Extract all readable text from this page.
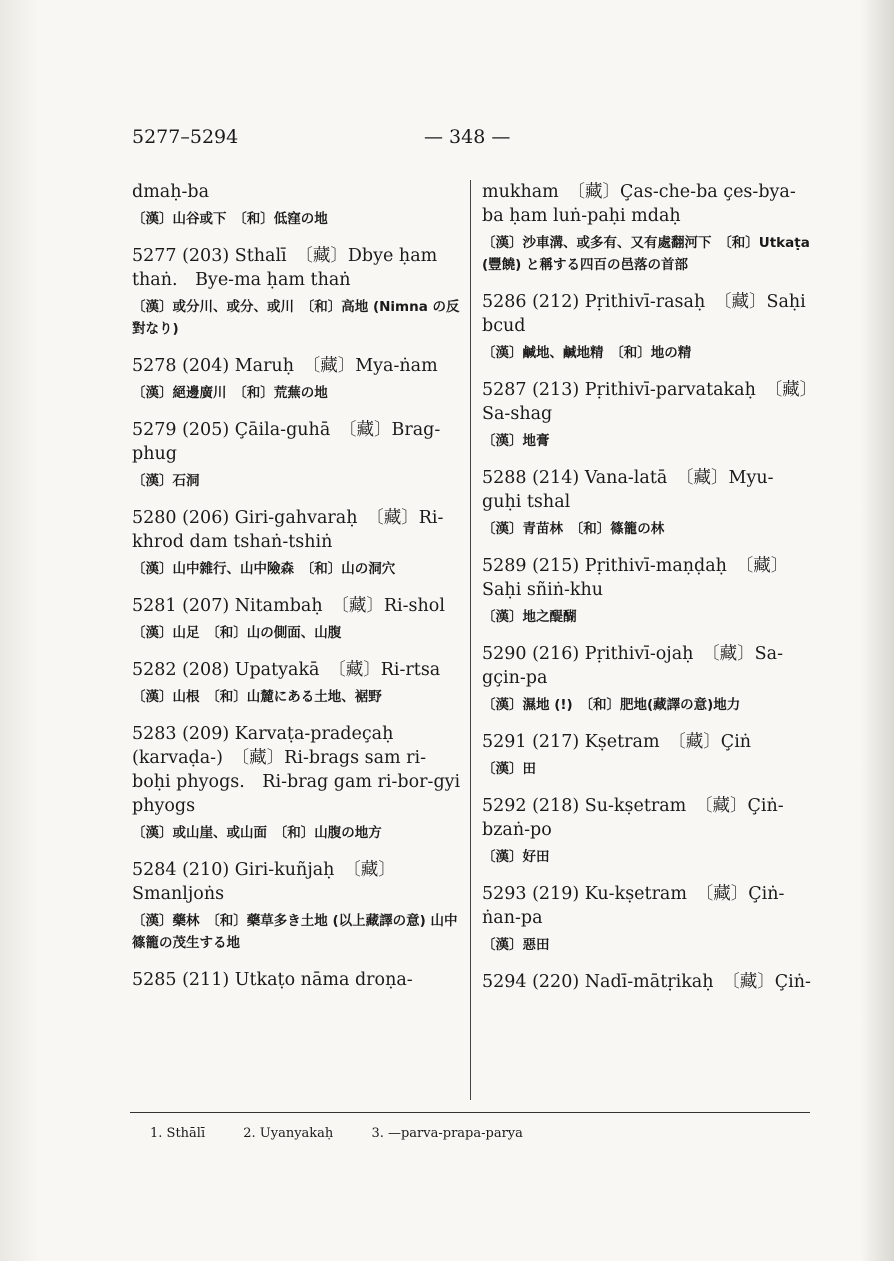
5277–5294	— 348 —
dmaḥ-ba
〔漢〕山谷或下　〔和〕低窪の地
5277 (203) Sthalī　〔藏〕Dbye ḥam thaṅ.　Bye-ma ḥam thaṅ
〔漢〕或分川、或分、或川　〔和〕高地 (Nimna の反對なり)
5278 (204) Maruḥ　〔藏〕Mya-ṅam
〔漢〕絕邊廣川　〔和〕荒蕪の地
5279 (205) Çāila-guhā　〔藏〕Brag-phug
〔漢〕石洞
5280 (206) Giri-gahvaraḥ　〔藏〕Ri-khrod dam tshaṅ-tshiṅ
〔漢〕山中雜行、山中險森　〔和〕山の洞穴
5281 (207) Nitambaḥ　〔藏〕Ri-shol
〔漢〕山足　〔和〕山の側面、山腹
5282 (208) Upatyakā　〔藏〕Ri-rtsa
〔漢〕山根　〔和〕山麓にある土地、裾野
5283 (209) Karvaṭa-pradeçaḥ (karvaḍa-)　〔藏〕Ri-brags sam ri-boḥi phyogs.　Ri-brag gam ri-bor-gyi phyogs
〔漢〕或山崖、或山面　〔和〕山腹の地方
5284 (210) Giri-kuñjaḥ　〔藏〕Smanljoṅs
〔漢〕藥林　〔和〕藥草多き土地 (以上藏譯の意) 山中篠籠の茂生する地
5285 (211) Utkaṭo nāma droṇa-
mukham　〔藏〕Ças-che-ba çes-bya-ba ḥam luṅ-paḥi mdaḥ
〔漢〕沙車溝、或多有、又有處翻河下　〔和〕Utkaṭa (豐饒) と稱する四百の邑落の首部
5286 (212) Pṛithivī-rasaḥ　〔藏〕Saḥi bcud
〔漢〕鹹地、鹹地精　〔和〕地の精
5287 (213) Pṛithivī-parvatakaḥ　〔藏〕Sa-shag
〔漢〕地膏
5288 (214) Vana-latā　〔藏〕Myu-guḥi tshal
〔漢〕青苗林　〔和〕篠籠の林
5289 (215) Pṛithivī-maṇḍaḥ　〔藏〕Saḥi sñiṅ-khu
〔漢〕地之醍醐
5290 (216) Pṛithivī-ojaḥ　〔藏〕Sa-gçin-pa
〔漢〕濕地 (!)　〔和〕肥地(藏譯の意)地力
5291 (217) Kṣetram　〔藏〕Çiṅ
〔漢〕田
5292 (218) Su-kṣetram　〔藏〕Çiṅ-bzaṅ-po
〔漢〕好田
5293 (219) Ku-kṣetram　〔藏〕Çiṅ-ṅan-pa
〔漢〕惡田
5294 (220) Nadī-mātṛikaḥ　〔藏〕Çiṅ-
1. Sthālī	2. Uyanyakaḥ	3. —parva-prapa-parya
